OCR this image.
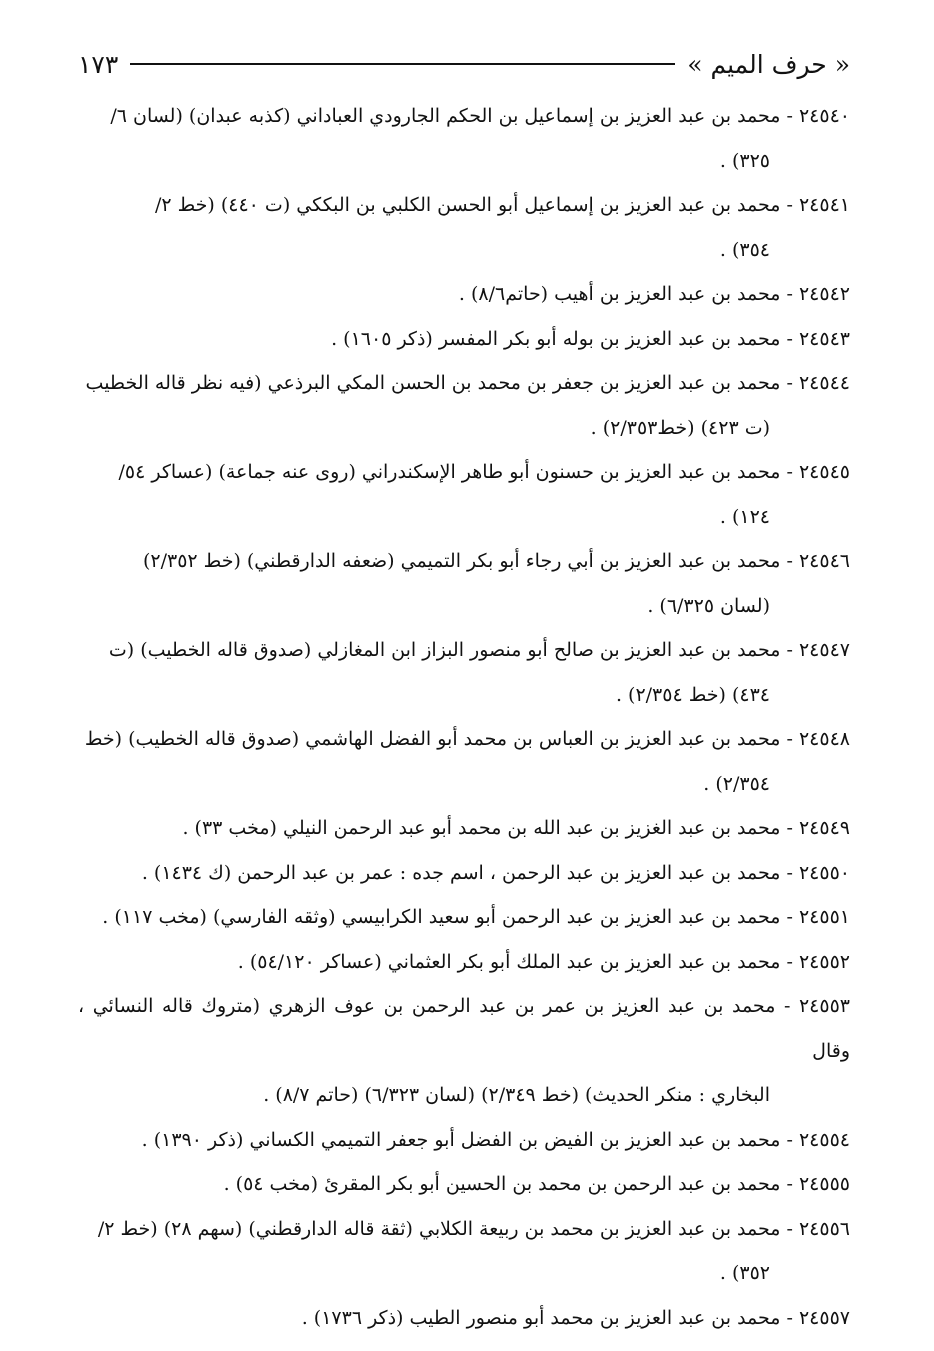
« حرف الميم »
١٧٣
٢٤٥٤٠ - محمد بن عبد العزيز بن إسماعيل بن الحكم الجارودي العباداني (كذبه عبدان) (لسان ٦/
٣٢٥) .
٢٤٥٤١ - محمد بن عبد العزيز بن إسماعيل أبو الحسن الكلبي بن البككي (ت ٤٤٠) (خط ٢/
٣٥٤) .
٢٤٥٤٢ - محمد بن عبد العزيز بن أهيب (حاتم٨/٦) .
٢٤٥٤٣ - محمد بن عبد العزيز بن بوله أبو بكر المفسر (ذكر ١٦٠٥) .
٢٤٥٤٤ - محمد بن عبد العزيز بن جعفر بن محمد بن الحسن المكي البرذعي (فيه نظر قاله الخطيب
(ت ٤٢٣) (خط٢/٣٥٣) .
٢٤٥٤٥ - محمد بن عبد العزيز بن حسنون أبو طاهر الإسكندراني (روى عنه جماعة) (عساكر ٥٤/
١٢٤) .
٢٤٥٤٦ - محمد بن عبد العزيز بن أبي رجاء أبو بكر التميمي (ضعفه الدارقطني) (خط ٢/٣٥٢)
(لسان ٦/٣٢٥) .
٢٤٥٤٧ - محمد بن عبد العزيز بن صالح أبو منصور البزاز ابن المغازلي (صدوق قاله الخطيب) (ت
٤٣٤) (خط ٢/٣٥٤) .
٢٤٥٤٨ - محمد بن عبد العزيز بن العباس بن محمد أبو الفضل الهاشمي (صدوق قاله الخطيب) (خط
٢/٣٥٤) .
٢٤٥٤٩ - محمد بن عبد الغزيز بن عبد الله بن محمد أبو عبد الرحمن النيلي (مخب ٣٣) .
٢٤٥٥٠ - محمد بن عبد العزيز بن عبد الرحمن ، اسم جده : عمر بن عبد الرحمن (ك ١٤٣٤) .
٢٤٥٥١ - محمد بن عبد العزيز بن عبد الرحمن أبو سعيد الكرابيسي (وثقه الفارسي) (مخب ١١٧) .
٢٤٥٥٢ - محمد بن عبد العزيز بن عبد الملك أبو بكر العثماني (عساكر ٥٤/١٢٠) .
٢٤٥٥٣ - محمد بن عبد العزيز بن عمر بن عبد الرحمن بن عوف الزهري (متروك قاله النسائي ، وقال
البخاري : منكر الحديث) (خط ٢/٣٤٩) (لسان ٦/٣٢٣) (حاتم ٨/٧) .
٢٤٥٥٤ - محمد بن عبد العزيز بن الفيض بن الفضل أبو جعفر التميمي الكساني (ذكر ١٣٩٠) .
٢٤٥٥٥ - محمد بن عبد الرحمن بن محمد بن الحسين أبو بكر المقرئ (مخب ٥٤) .
٢٤٥٥٦ - محمد بن عبد العزيز بن محمد بن ربيعة الكلابي (ثقة قاله الدارقطني) (سهم ٢٨) (خط ٢/
٣٥٢) .
٢٤٥٥٧ - محمد بن عبد العزيز بن محمد أبو منصور الطيب (ذكر ١٧٣٦) .
